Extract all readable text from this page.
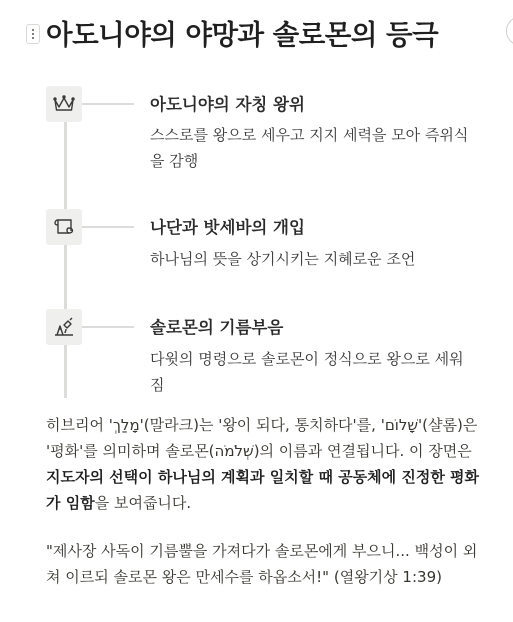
아도니야의 야망과 솔로몬의 등극

아도니야의 자칭 왕위

스스로를 왕으로 세우고 지지 세력을 모아 즉위식을 감행

나단과 밧세바의 개입

하나님의 뜻을 상기시키는 지혜로운 조언

솔로몬의 기름부음

다윗의 명령으로 솔로몬이 정식으로 왕으로 세워짐

히브리어 'מָלַךְ'(말라크)는 '왕이 되다, 통치하다'를, 'שָׁלוֹם'(샬롬)은 '평화'를 의미하며 솔로몬(שְׁלֹמֹה)의 이름과 연결됩니다. 이 장면은 지도자의 선택이 하나님의 계획과 일치할 때 공동체에 진정한 평화가 임함을 보여줍니다.

"제사장 사독이 기름뿔을 가져다가 솔로몬에게 부으니... 백성이 외쳐 이르되 솔로몬 왕은 만세수를 하옵소서!" (열왕기상 1:39)
